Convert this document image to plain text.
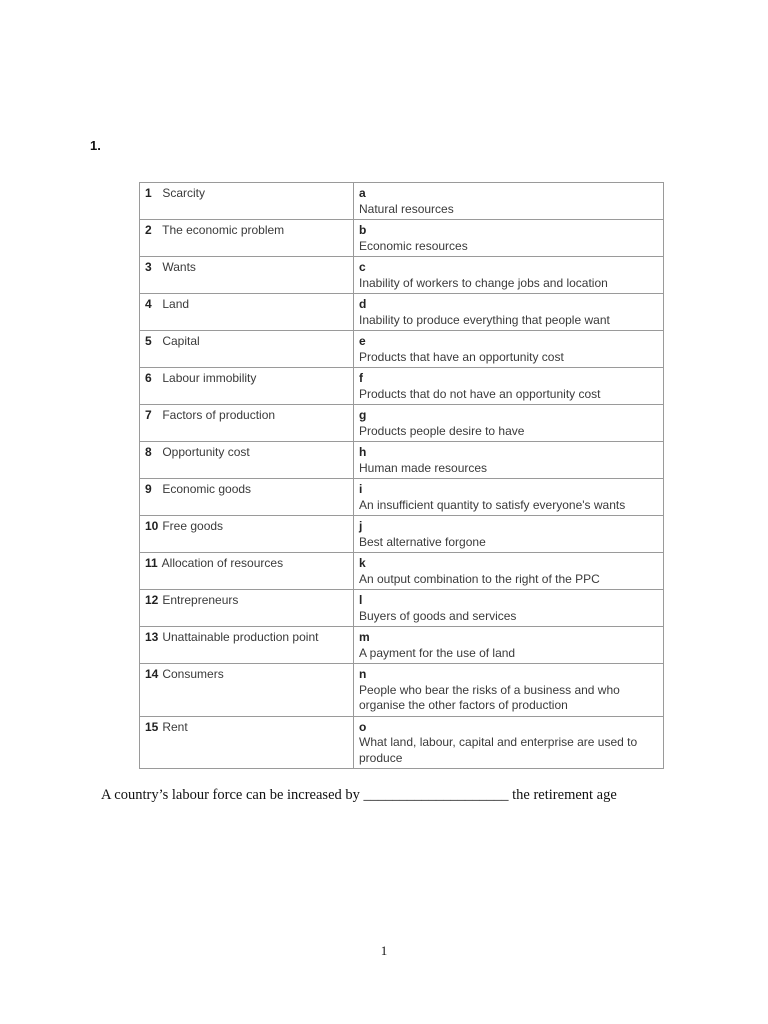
1.
1 Scarcity	aNatural resources
2 The economic problem	bEconomic resources
3 Wants	cInability of workers to change jobs and location
4 Land	dInability to produce everything that people want
5 Capital	eProducts that have an opportunity cost
6 Labour immobility	fProducts that do not have an opportunity cost
7 Factors of production	gProducts people desire to have
8 Opportunity cost	hHuman made resources
9 Economic goods	iAn insufficient quantity to satisfy everyone's wants
10 Free goods	jBest alternative forgone
11 Allocation of resources	kAn output combination to the right of the PPC
12 Entrepreneurs	lBuyers of goods and services
13 Unattainable production point	mA payment for the use of land
14 Consumers	nPeople who bear the risks of a business and who organise the other factors of production
15 Rent	oWhat land, labour, capital and enterprise are used to produce
A country’s labour force can be increased by ____________________ the retirement age
1
